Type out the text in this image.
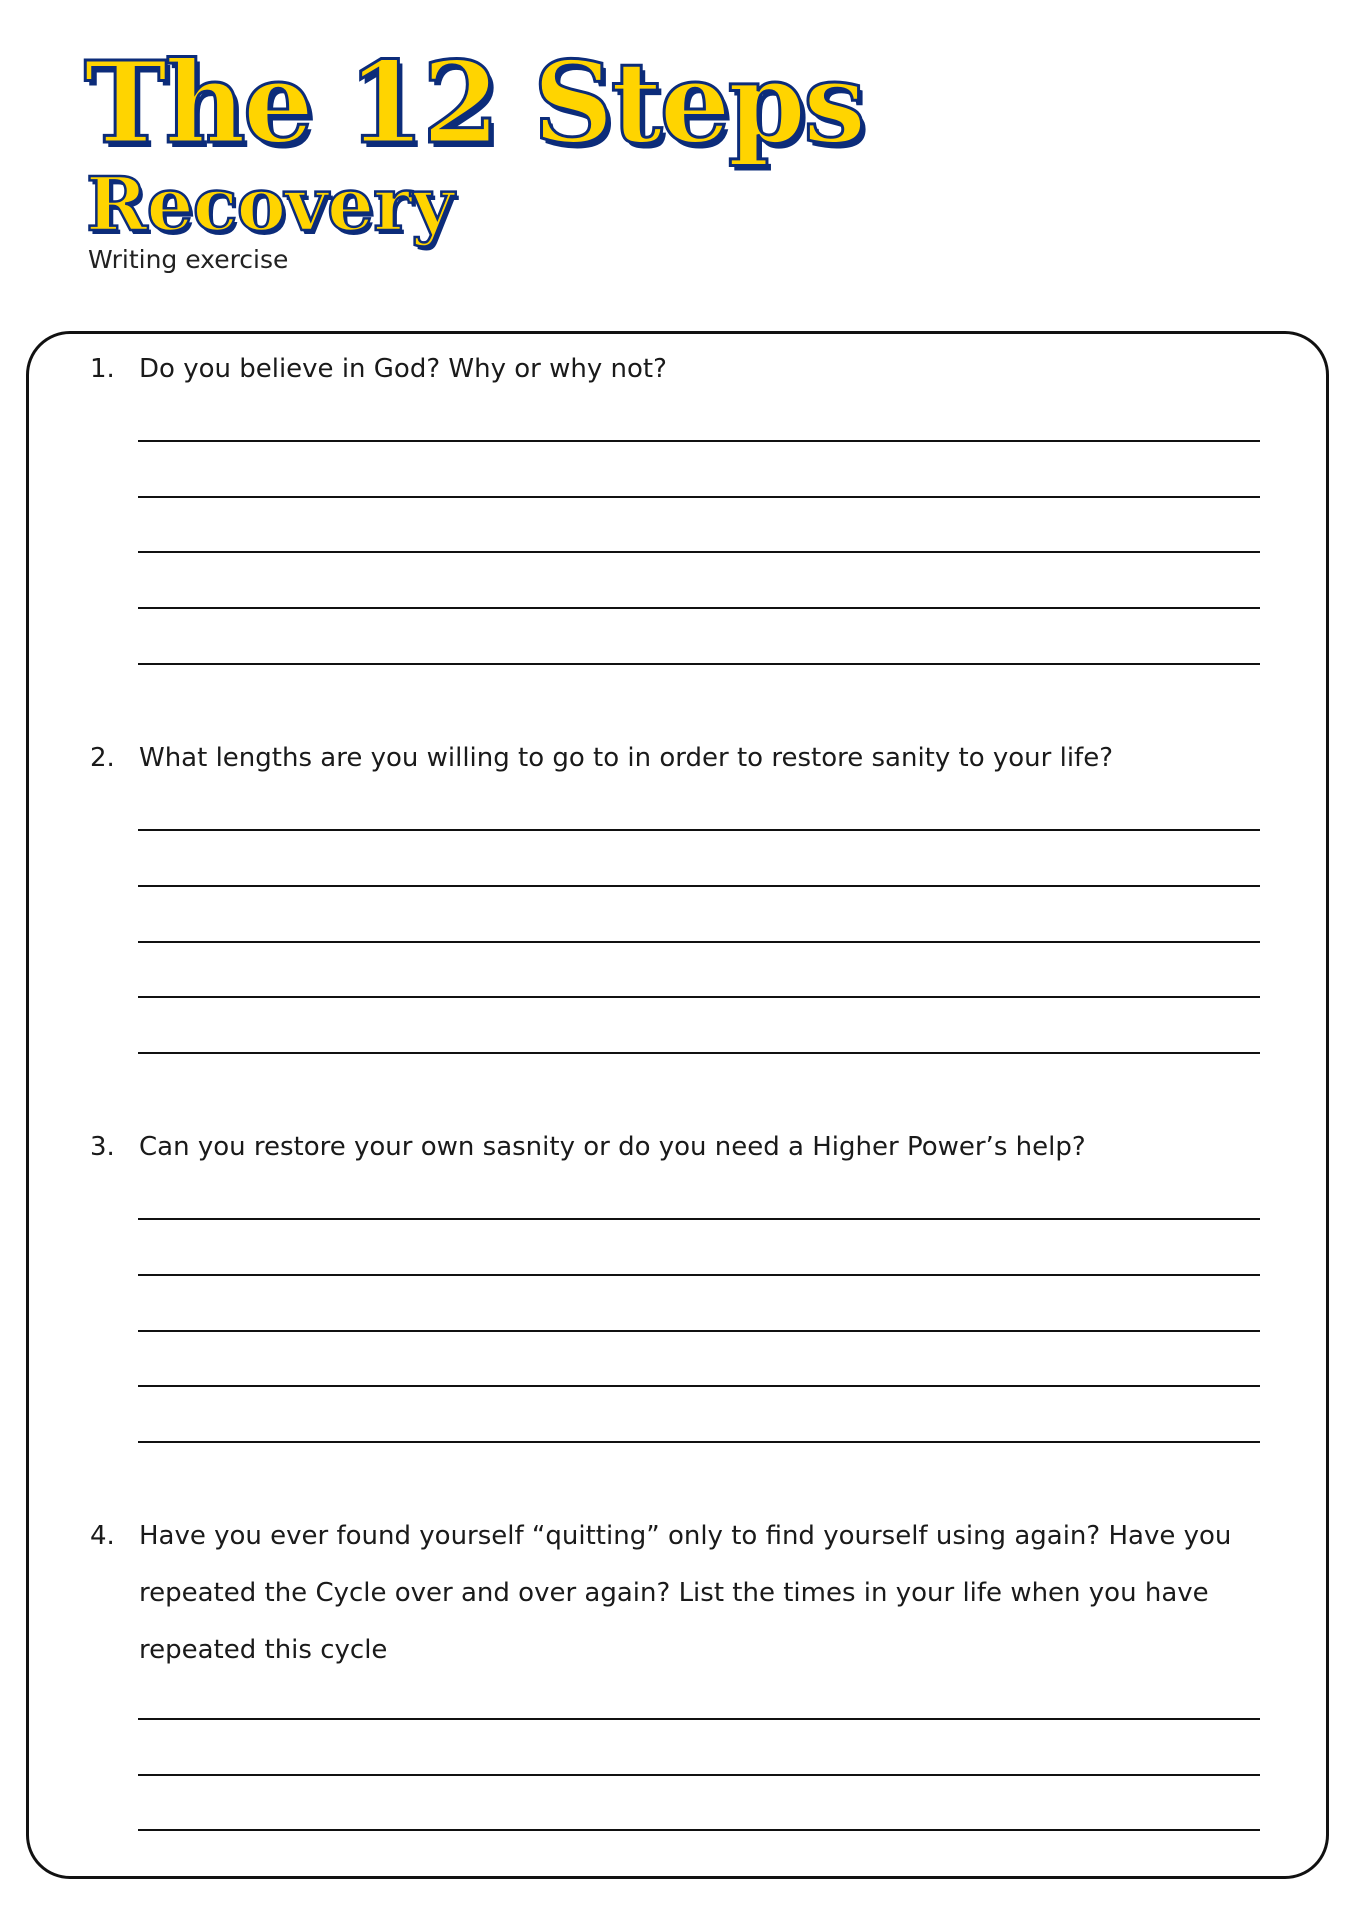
The 12 Steps
Recovery
Writing exercise
1. Do you believe in God? Why or why not?
2. What lengths are you willing to go to in order to restore sanity to your life?
3. Can you restore your own sasnity or do you need a Higher Power’s help?
4. Have you ever found yourself “quitting” only to find yourself using again? Have you repeated the Cycle over and over again? List the times in your life when you have repeated this cycle
